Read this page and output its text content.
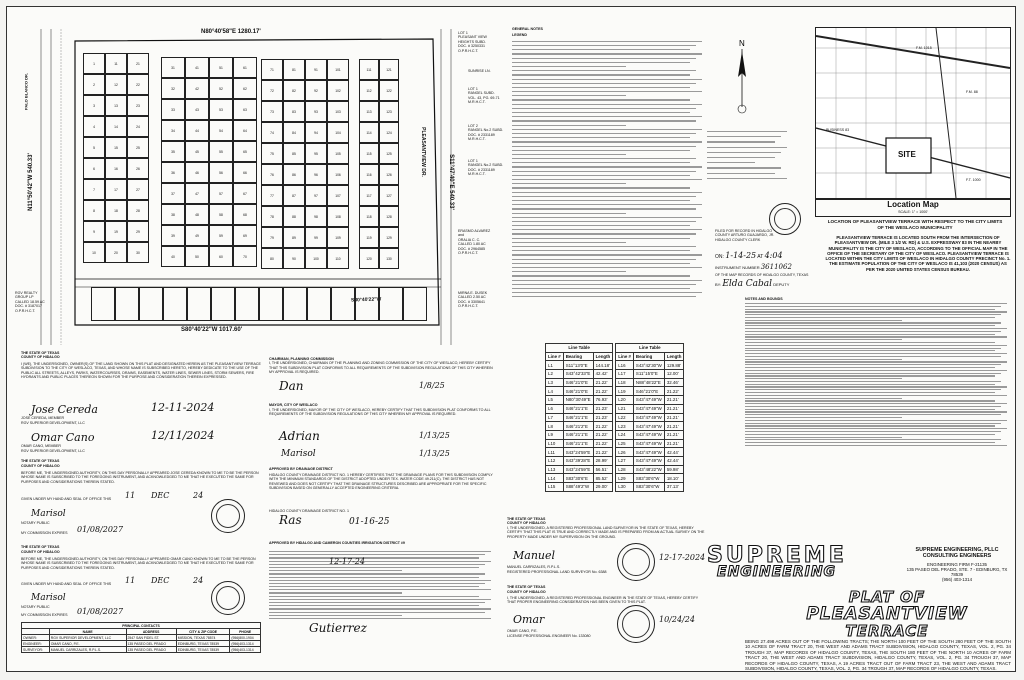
N80°40'58"E 1280.17'
S80°40'22"W 1017.60'
S80°40'22"W
N11°50'42"W 540.33'	S11°47'40"E 540.33'
PLEASANTVIEW DR.
PALO BLANCO DR.
1
2
3
4
5
6
7
8
9
10
11
12
13
14
15
16
17
18
19
20
21
22
23
24
25
26
27
28
29
30
31
32
33
34
35
36
37
38
39
40
41
42
43
44
45
46
47
48
49
50
51
52
53
54
55
56
57
58
59
60
61
62
63
64
65
66
67
68
69
70
71
72
73
74
75
76
77
78
79
80
81
82
83
84
85
86
87
88
89
90
91
92
93
94
95
96
97
98
99
100
101
102
103
104
105
106
107
108
109
110
111
112
113
114
115
116
117
118
119
120
121
122
123
124
125
126
127
128
129
130
LOT 1
PLEASANT VIEW
HEIGHTS SUBD.
DOC. # 3250331
O.P.R.H.C.T.
SUNRISE LN.
LOT 1
RANGEL SUBD.
VOL. 43, PG. 69-71
M.R.H.C.T.
LOT 2
RANGEL No.2 SUBD.
DOC. # 2331189
M.R.H.C.T.
LOT 1
RANGEL No.2 SUBD.
DOC. # 2331189
M.R.H.C.T.
ERASMO ALVAREZ
and
ORALIA C. C.
CALLED 1.80 AC
DOC. # 2964585
O.P.R.H.C.T.
MIRNA E. DUSEK
CALLED 2.50 AC
DOC. # 3305641
O.P.R.H.C.T.
RGV REALTY
GROUP LP
CALLED 18.59 AC
DOC. # 3187017
O.P.R.H.C.T.
GENERAL NOTES
LEGEND
N
SITE
F.M. 1015
F.M. 88
BUSINESS 83
F.T. 1000
Location Map
SCALE: 1" = 1000'
LOCATION OF PLEASANTVIEW TERRACE WITH RESPECT TO THE CITY LIMITS OF THE WESLACO MUNICIPALITY
PLEASANTVIEW TERRACE IS LOCATED SOUTH FROM THE INTERSECTION OF PLEASANTVIEW DR. (MILE 3 1/2 W. RD) & U.S. EXPRESSWAY 83 IN THE NEARBY MUNICIPALITY IS THE CITY OF WESLACO, ACCORDING TO THE OFFICIAL MAP IN THE OFFICE OF THE SECRETARY OF THE CITY OF WESLACO. PLEASANTVIEW TERRACE IS LOCATED WITHIN THE CITY LIMITS OF WESLACO IN HIDALGO COUNTY PRECINCT No. 1. THE ESTIMATE POPULATION OF THE CITY OF WESLACO IS 41,103 (2020 CENSUS) AS PER THE 2020 UNITED STATES CENSUS BUREAU.
FILED FOR RECORD IN HIDALGO COUNTY ARTURO GUAJARDO, JR. HIDALGO COUNTY CLERK
ON: 1-14-25 AT 4:04
INSTRUMENT NUMBER 3611062
OF THE MAP RECORDS OF HIDALGO COUNTY, TEXAS
BY: Elda Cabal DEPUTY
NOTES AND BOUNDS
Line Table		
Line #	Bearing	Length
L1	S11°13'0"E	144.18'
L2	S43°42'33"E	42.42'
L3	S46°21'0"E	21.22'
L4	S46°21'0"E	21.22'
L5	N80°30'49"E	76.93'
L6	S46°21'1"E	21.23'
L7	S46°21'1"E	21.23'
L8	S46°21'2"E	21.22'
L9	S46°21'1"E	21.22'
L10	S46°21'1"E	21.22'
L11	S43°24'59"E	21.22'
L12	S43°39'28"E	28.99'
L13	S43°24'59"E	56.51'
L14	S83°30'6"E	85.52'
L15	S88°49'2"W	29.00'
Line Table		
Line #	Bearing	Length
L16	S43°42'30"W	129.88'
L17	S11°15'0"E	12.00'
L18	N88°48'22"E	32.46'
L19	S46°21'0"E	21.22'
L20	S43°47'49"W	21.21'
L21	S43°47'49"W	21.21'
L22	S43°47'49"W	21.21'
L23	S43°47'49"W	21.21'
L24	S43°47'49"W	21.21'
L25	S43°47'49"W	21.21'
L26	S43°47'49"W	42.44'
L27	S43°47'49"W	42.44'
L28	S43°48'22"W	59.98'
L29	S83°30'6"W	18.10'
L30	S83°30'6"W	37.13'
THE STATE OF TEXAS
COUNTY OF HIDALGO
I (WE), THE UNDERSIGNED, OWNER(S) OF THE LAND SHOWN ON THIS PLAT AND DESIGNATED HEREIN AS THE PLEASANTVIEW TERRACE SUBDIVISION TO THE CITY OF WESLACO, TEXAS, AND WHOSE NAME IS SUBSCRIBED HERETO, HEREBY DEDICATE TO THE USE OF THE PUBLIC ALL STREETS, ALLEYS, PARKS, WATERCOURSES, DRAINS, EASEMENTS, WATER LINES, SEWER LINES, STORM SEWERS, FIRE HYDRANTS AND PUBLIC PLACES THEREON SHOWN FOR THE PURPOSE AND CONSIDERATION THEREIN EXPRESSED.
Jose Cereda	12-11-2024
JOSE CEREDA, MEMBER
RGV SUPERIOR DEVELOPMENT, LLC
Omar Cano	12/11/2024
OMAR CANO, MEMBER
RGV SUPERIOR DEVELOPMENT, LLC
THE STATE OF TEXAS
COUNTY OF HIDALGO
BEFORE ME, THE UNDERSIGNED AUTHORITY, ON THIS DAY PERSONALLY APPEARED JOSE CEREDA KNOWN TO ME TO BE THE PERSON WHOSE NAME IS SUBSCRIBED TO THE FOREGOING INSTRUMENT, AND ACKNOWLEDGED TO ME THAT HE EXECUTED THE SAME FOR PURPOSES AND CONSIDERATIONS THEREIN STATED.
GIVEN UNDER MY HAND AND SEAL OF OFFICE THIS 11 DEC	24
Marisol
NOTARY PUBLIC
MY COMMISSION EXPIRES 01/08/2027
THE STATE OF TEXAS
COUNTY OF HIDALGO
BEFORE ME, THE UNDERSIGNED AUTHORITY, ON THIS DAY PERSONALLY APPEARED OMAR CANO KNOWN TO ME TO BE THE PERSON WHOSE NAME IS SUBSCRIBED TO THE FOREGOING INSTRUMENT, AND ACKNOWLEDGED TO ME THAT HE EXECUTED THE SAME FOR PURPOSES AND CONSIDERATIONS THEREIN STATED.
GIVEN UNDER MY HAND AND SEAL OF OFFICE THIS 11 DEC	24
Marisol
NOTARY PUBLIC
MY COMMISSION EXPIRES 01/08/2027
PRINCIPAL CONTACTS				
	NAME	ADDRESS	CITY & ZIP CODE	PHONE
OWNER:	RGV SUPERIOR DEVELOPMENT, LLC	2547 SAN FIDEL ST.	MISSION, TEXAS 78574	(956)800-1904
ENGINEER:	OMAR CANO, P.E.	135 PASEO DEL PRADO	EDINBURG, TEXAS 78539	(956)403-1314
SURVEYOR:	MANUEL CARRIZALES, R.P.L.S.	135 PASEO DEL PRADO	EDINBURG, TEXAS 78539	(956)403-1314
CHAIRMAN, PLANNING COMMISSION
I, THE UNDERSIGNED, CHAIRMAN OF THE PLANNING AND ZONING COMMISSION OF THE CITY OF WESLACO, HEREBY CERTIFY THAT THIS SUBDIVISION PLAT CONFORMS TO ALL REQUIREMENTS OF THE SUBDIVISION REGULATIONS OF THIS CITY WHEREIN MY APPROVAL IS REQUIRED.
Dan	1/8/25
MAYOR, CITY OF WESLACO
I, THE UNDERSIGNED, MAYOR OF THE CITY OF WESLACO, HEREBY CERTIFY THAT THIS SUBDIVISION PLAT CONFORMS TO ALL REQUIREMENTS OF THE SUBDIVISION REGULATIONS OF THIS CITY WHEREIN MY APPROVAL IS REQUIRED.
Adrian	1/13/25
Marisol	1/13/25
APPROVED BY DRAINAGE DISTRICT
HIDALGO COUNTY DRAINAGE DISTRICT NO. 1 HEREBY CERTIFIES THAT THE DRAINAGE PLANS FOR THIS SUBDIVISION COMPLY WITH THE MINIMUM STANDARDS OF THE DISTRICT ADOPTED UNDER TEX. WATER CODE 49.211(C). THE DISTRICT HAS NOT REVIEWED AND DOES NOT CERTIFY THAT THE DRAINAGE STRUCTURES DESCRIBED ARE APPROPRIATE FOR THE SPECIFIC SUBDIVISION BASED ON GENERALLY ACCEPTED ENGINEERING CRITERIA.
HIDALGO COUNTY DRAINAGE DISTRICT NO. 1
Ras	01-16-25
APPROVED BY HIDALGO AND CAMERON COUNTIES IRRIGATION DISTRICT #9
Gutierrez
12-17-24
THE STATE OF TEXAS
COUNTY OF HIDALGO
I, THE UNDERSIGNED, A REGISTERED PROFESSIONAL LAND SURVEYOR IN THE STATE OF TEXAS, HEREBY CERTIFY THAT THIS PLAT IS TRUE AND CORRECTLY MADE AND IS PREPARED FROM AN ACTUAL SURVEY ON THE PROPERTY MADE UNDER MY SUPERVISION ON THE GROUND.
Manuel
MANUEL CARRIZALES, R.P.L.S.
REGISTERED PROFESSIONAL LAND SURVEYOR No. 6388
12-17-2024
THE STATE OF TEXAS
COUNTY OF HIDALGO
I, THE UNDERSIGNED, A REGISTERED PROFESSIONAL ENGINEER IN THE STATE OF TEXAS, HEREBY CERTIFY THAT PROPER ENGINEERING CONSIDERATION HAS BEEN GIVEN TO THIS PLAT.
Omar
OMAR CANO, P.E.
LICENSE PROFESSIONAL ENGINEER No. 133080
10/24/24
SUPREME
ENGINEERING
SUPREME ENGINEERING, PLLC
CONSULTING ENGINEERS
ENGINEERING FIRM F-21135
135 PASEO DEL PRADO, STE. 7 - EDINBURG, TX 78539
(956) 403-1314
PLAT OF
PLEASANTVIEW
TERRACE
BEING 27.498 ACRES OUT OF THE FOLLOWING TRACTS; THE NORTH 100 FEET OF THE SOUTH 280 FEET OF THE SOUTH 10 ACRES OF FARM TRACT 20, THE WEST AND ADAMS TRACT SUBDIVISION, HIDALGO COUNTY, TEXAS, VOL. 2, PG. 34 TROUGH 37, MAP RECORDS OF HIDALGO COUNTY, TEXAS, THE SOUTH 180 FEET OF THE NORTH 10 ACRES OF FARM TRACT 20, THE WEST AND ADAMS TRACT SUBDIVISION, HIDALGO COUNTY, TEXAS, VOL. 2, PG. 34 TROUGH 37, MAP RECORDS OF HIDALGO COUNTY, TEXAS, A 19 ACRES TRACT OUT OF FARM TRACT 23, THE WEST AND ADAMS TRACT SUBDIVISION, HIDALGO COUNTY, TEXAS, VOL. 2, PG. 34 TROUGH 37, MAP RECORDS OF HIDALGO COUNTY, TEXAS.
